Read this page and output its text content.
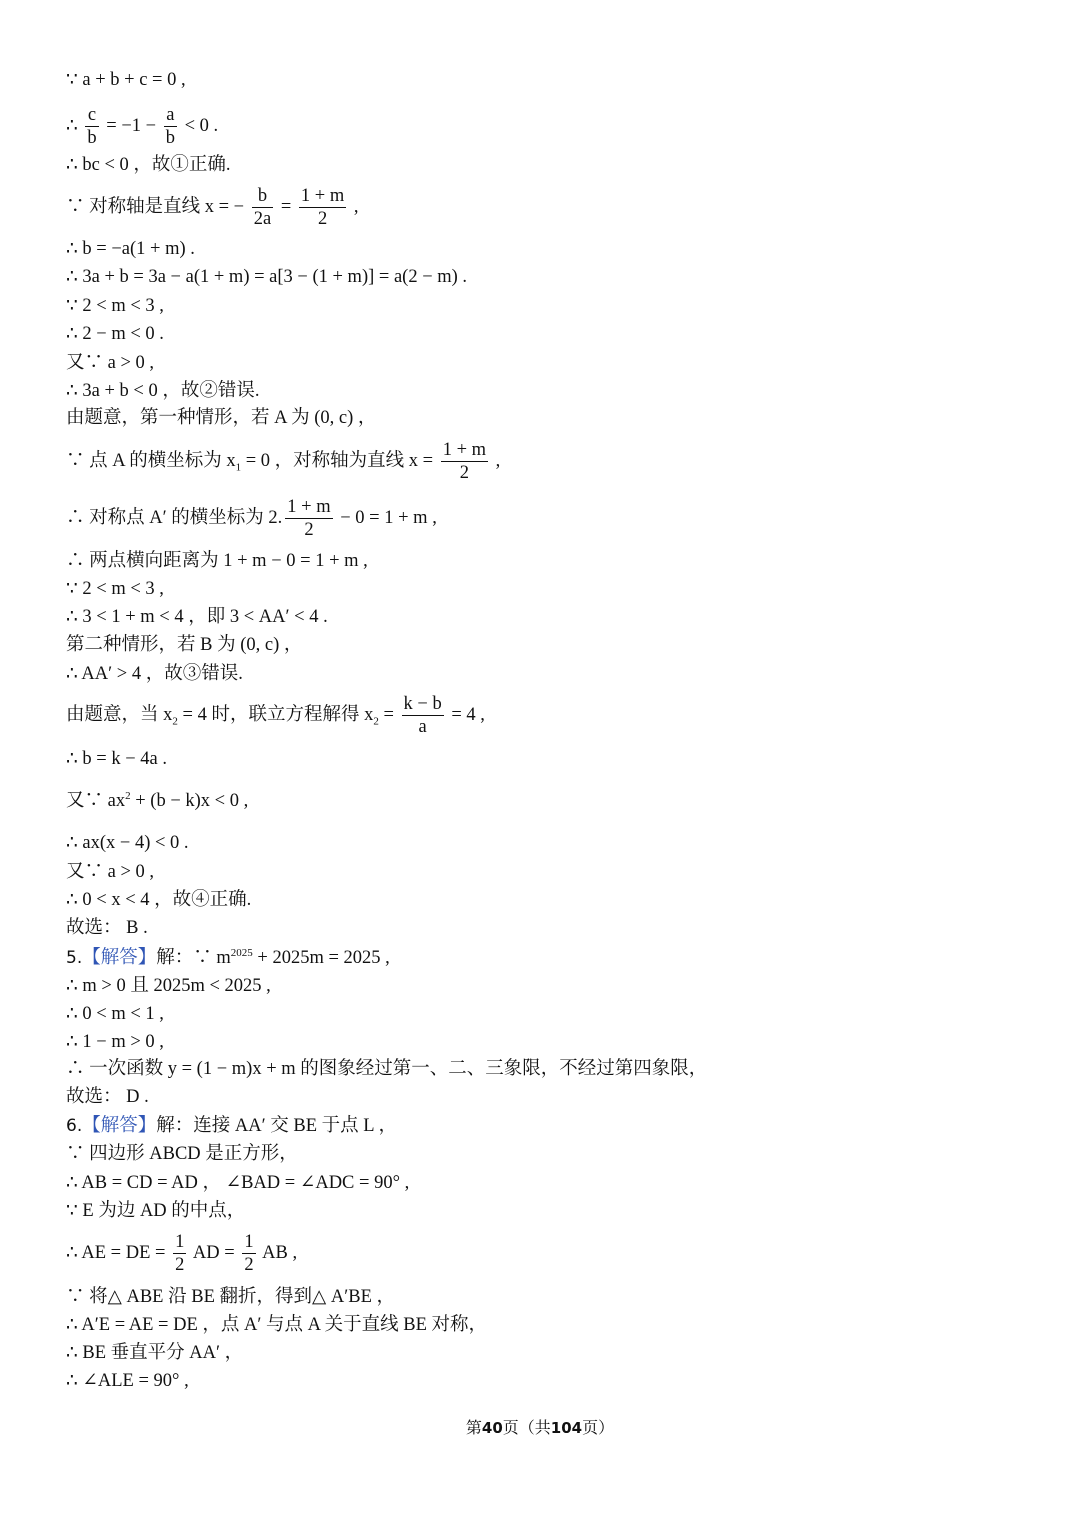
∵ a + b + c = 0 ,
∴ $\frac{c}{b} = -1 - \frac{a}{b} < 0$ .
∴ bc < 0 ，故①正确.
∵ 对称轴是直线 x = − $\frac{b}{2a} = \frac{1 + m}{2}$ ,
∴ b = −a(1 + m) .
∴ 3a + b = 3a − a(1 + m) = a[3 − (1 + m)] = a(2 − m) .
∵ 2 < m < 3 ,
∴ 2 − m < 0 .
又∵ a > 0 ,
∴ 3a + b < 0 ，故②错误.
由题意，第一种情形，若 A 为 (0, c) ，
∵ 点 A 的横坐标为 $x_1 = 0$ ，对称轴为直线 $x = \frac{1 + m}{2}$ ,
∴ 对称点 A′ 的横坐标为 2. $\frac{1 + m}{2} - 0 = 1 + m$ ,
∴ 两点横向距离为 1 + m − 0 = 1 + m ,
∵ 2 < m < 3 ,
∴ 3 < 1 + m < 4 ，即 3 < AA′ < 4 .
第二种情形，若 B 为 (0, c) ，
∴ AA′ > 4 ，故③错误.
由题意，当 $x_2 = 4$ 时，联立方程解得 $x_2 = \frac{k - b}{a} = 4$ ,
∴ b = k − 4a .
又∵ $ax^2 + (b - k)x < 0$ ,
∴ ax(x − 4) < 0 .
又∵ a > 0 ,
∴ 0 < x < 4 ，故④正确.
故选： B .
5.【解答】解：∵ $m^{2025} + 2025m = 2025$ ,
∴ m > 0 且 2025m < 2025 ,
∴ 0 < m < 1 ,
∴ 1 − m > 0 ,
∴ 一次函数 y = (1 − m)x + m 的图象经过第一、二、三象限，不经过第四象限，
故选： D .
6.【解答】解：连接 AA′ 交 BE 于点 L ，
∵ 四边形 ABCD 是正方形，
∴ AB = CD = AD ， ∠BAD = ∠ADC = 90° ,
∵ E 为边 AD 的中点，
∴ AE = DE = $\frac{1}{2}$ AD = $\frac{1}{2}$ AB ,
∵ 将△ ABE 沿 BE 翻折，得到△ A′BE ，
∴ A′E = AE = DE ，点 A′ 与点 A 关于直线 BE 对称，
∴ BE 垂直平分 AA′ ，
∴ ∠ALE = 90° ,
第40页（共104页）
